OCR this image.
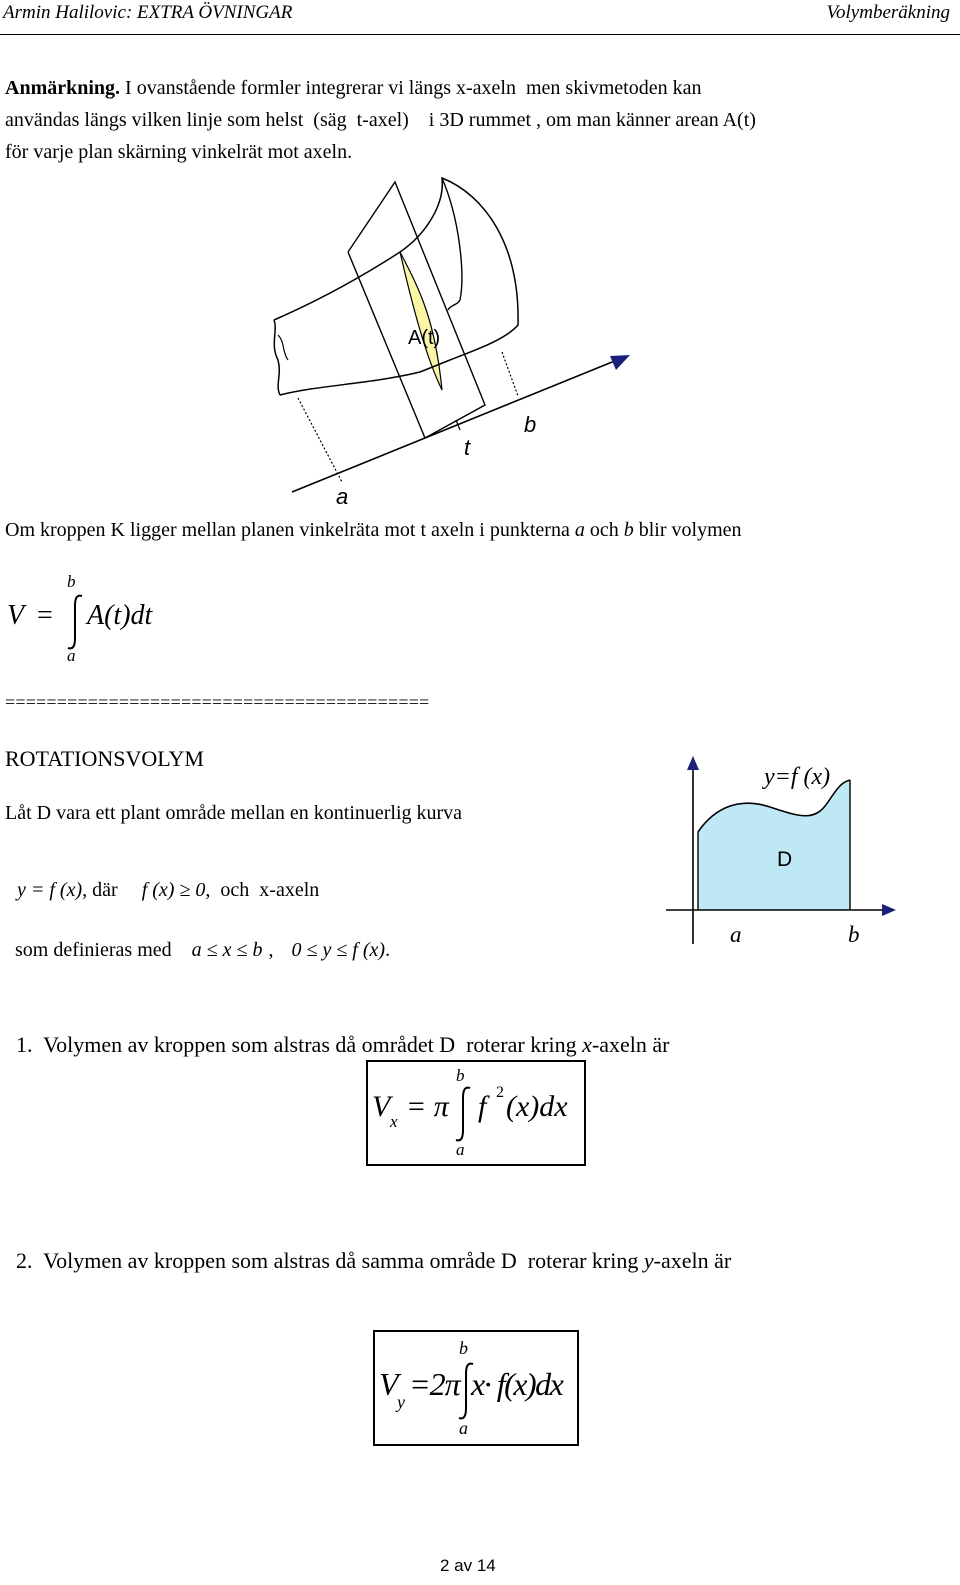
Armin Halilovic: EXTRA ÖVNINGAR	Volymberäkning
Anmärkning. I ovanstående formler integrerar vi längs x-axeln  men skivmetoden kan
användas längs vilken linje som helst  (säg  t-axel)    i 3D rummet , om man känner arean A(t)
för varje plan skärning vinkelrät mot axeln.
A(t)
t
b
a
Om kroppen K ligger mellan planen vinkelräta mot t axeln i punkterna a och b blir volymen
V =
b
a
A(t)dt
=========================================
ROTATIONSVOLYM
Låt D vara ett plant område mellan en kontinuerlig kurva

y = f (x), där f (x) ≥ 0,  och  x-axeln

som definieras med a ≤ x ≤ b , 0 ≤ y ≤ f (x).

y=f (x)
D
a	b

1.  Volymen av kroppen som alstras då området D  roterar kring x-axeln är

V x = π
b
a
f 2 (x)dx

2.  Volymen av kroppen som alstras då samma område D  roterar kring y-axeln är

V
y =2π
b
a
x· f(x)dx
2 av 14
